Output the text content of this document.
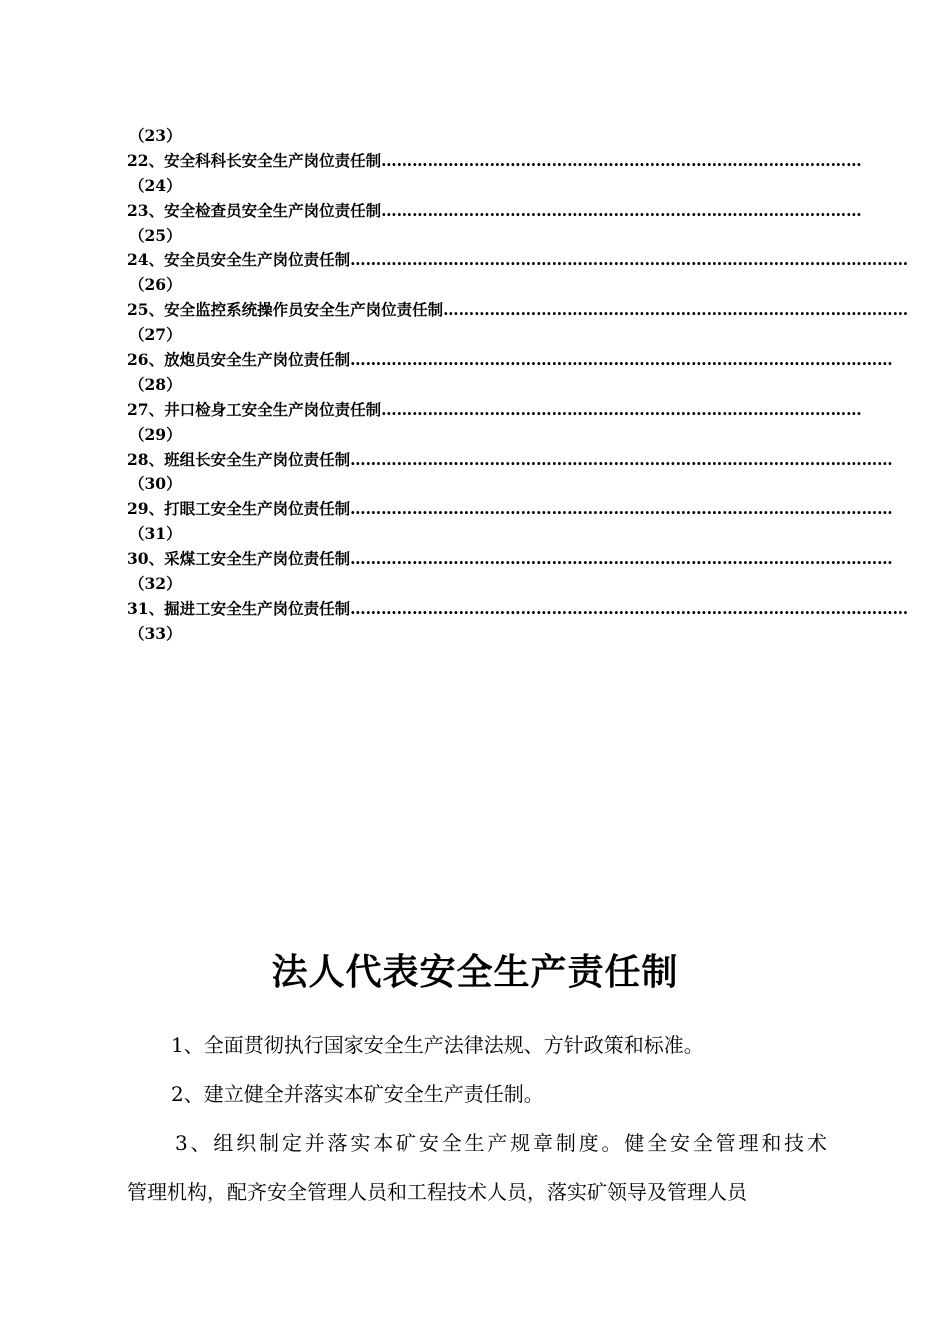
（23）
22、安全科科长安全生产岗位责任制…………………………………………………………………………………
（24）
23、安全检查员安全生产岗位责任制…………………………………………………………………………………
（25）
24、安全员安全生产岗位责任制………………………………………………………………………………………………
（26）
25、安全监控系统操作员安全生产岗位责任制………………………………………………………………………………
（27）
26、放炮员安全生产岗位责任制……………………………………………………………………………………………
（28）
27、井口检身工安全生产岗位责任制…………………………………………………………………………………
（29）
28、班组长安全生产岗位责任制……………………………………………………………………………………………
（30）
29、打眼工安全生产岗位责任制……………………………………………………………………………………………
（31）
30、采煤工安全生产岗位责任制……………………………………………………………………………………………
（32）
31、掘进工安全生产岗位责任制………………………………………………………………………………………………
（33）
法人代表安全生产责任制
1、全面贯彻执行国家安全生产法律法规、方针政策和标准。
2、建立健全并落实本矿安全生产责任制。
3、组织制定并落实本矿安全生产规章制度。健全安全管理和技术
管理机构，配齐安全管理人员和工程技术人员，落实矿领导及管理人员
